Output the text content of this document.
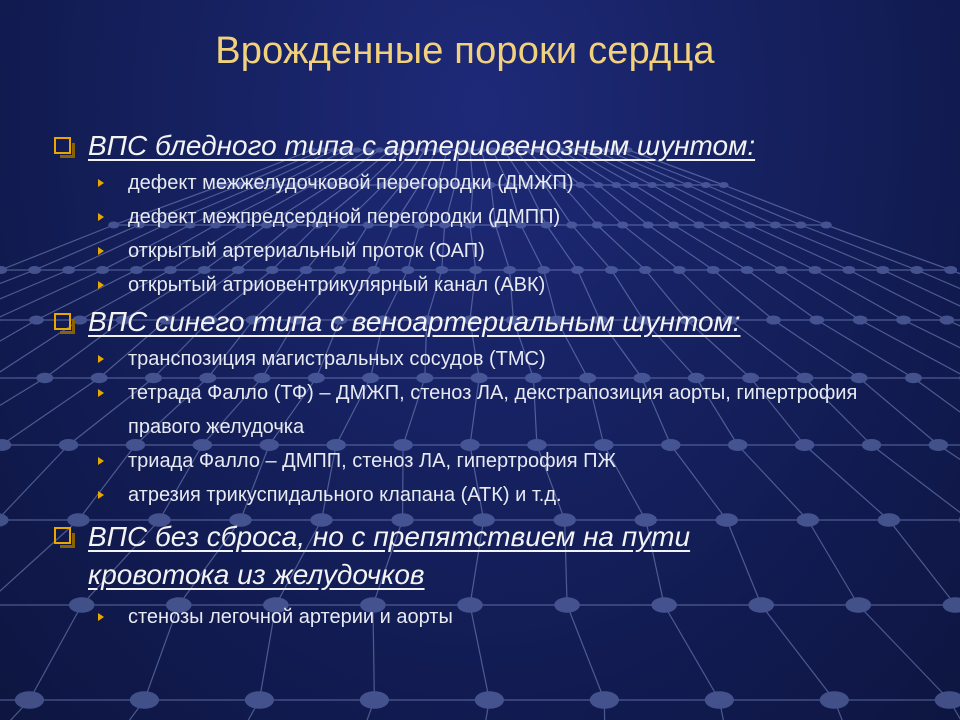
Врожденные пороки сердца
ВПС бледного типа с артериовенозным шунтом:
дефект межжелудочковой перегородки (ДМЖП)
дефект межпредсердной перегородки (ДМПП)
открытый артериальный проток (ОАП)
открытый атриовентрикулярный канал (АВК)
ВПС синего типа с веноартериальным шунтом:
транспозиция магистральных сосудов (ТМС)
тетрада Фалло (ТФ) – ДМЖП, стеноз ЛА, декстрапозиция аорты, гипертрофия правого желудочка
триада Фалло – ДМПП, стеноз ЛА, гипертрофия ПЖ
атрезия трикуспидального клапана (АТК) и т.д.
ВПС без сброса, но с препятствием на пути кровотока из желудочков
стенозы легочной артерии и аорты
